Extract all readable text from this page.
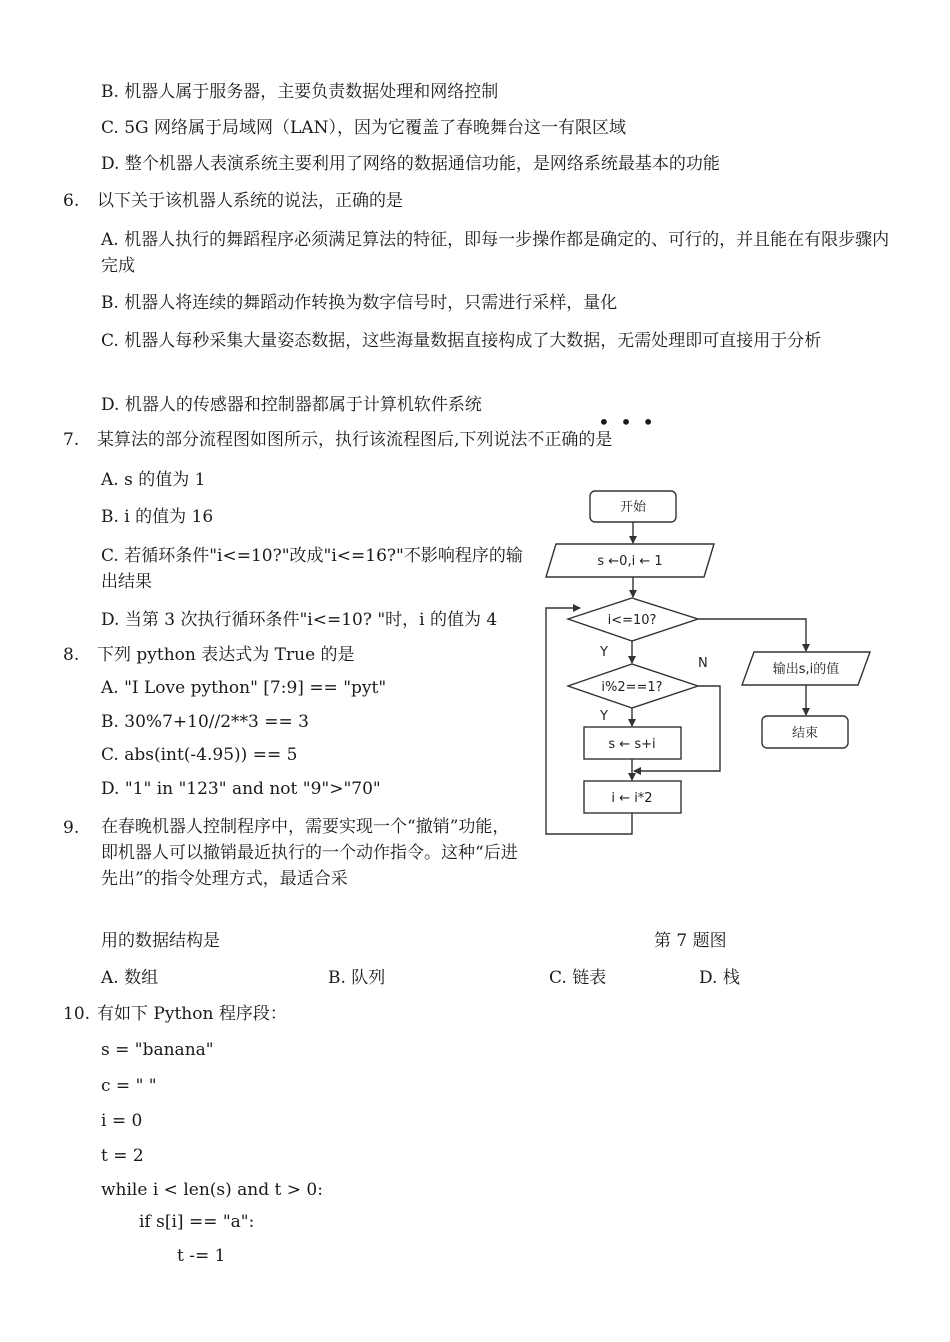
B. 机器人属于服务器，主要负责数据处理和网络控制
C. 5G 网络属于局域网（LAN），因为它覆盖了春晚舞台这一有限区域
D. 整个机器人表演系统主要利用了网络的数据通信功能，是网络系统最基本的功能
6. 以下关于该机器人系统的说法，正确的是
A. 机器人执行的舞蹈程序必须满足算法的特征，即每一步操作都是确定的、可行的，并且能在有限步骤内完成
B. 机器人将连续的舞蹈动作转换为数字信号时，只需进行采样，量化
C. 机器人每秒采集大量姿态数据，这些海量数据直接构成了大数据，无需处理即可直接用于分析
D. 机器人的传感器和控制器都属于计算机软件系统
• • •
7. 某算法的部分流程图如图所示，执行该流程图后,下列说法不正确的是
A. s 的值为 1
B. i 的值为 16
C. 若循环条件"i<=10?"改成"i<=16?"不影响程序的输出结果
D. 当第 3 次执行循环条件"i<=10? "时，i 的值为 4
开始
s ←0,i ← 1
i<=10?
i%2==1?
s ← s+i
i ← i*2
输出s,i的值
结束
Y
Y
N
8. 下列 python 表达式为 True 的是
A. "I Love python" [7:9] == "pyt"
B. 30%7+10//2**3 == 3
C. abs(int(-4.95)) == 5
D. "1" in "123" and not "9">"70"
9. 在春晚机器人控制程序中，需要实现一个“撤销”功能， 即机器人可以撤销最近执行的一个动作指令。这种“后进先出”的指令处理方式，最适合采
用的数据结构是	第 7 题图
A. 数组	B. 队列	C. 链表	D. 栈
10. 有如下 Python 程序段：
s = "banana"
c = " "
i = 0
t = 2
while i < len(s) and t > 0:
if s[i] == "a":
t -= 1
